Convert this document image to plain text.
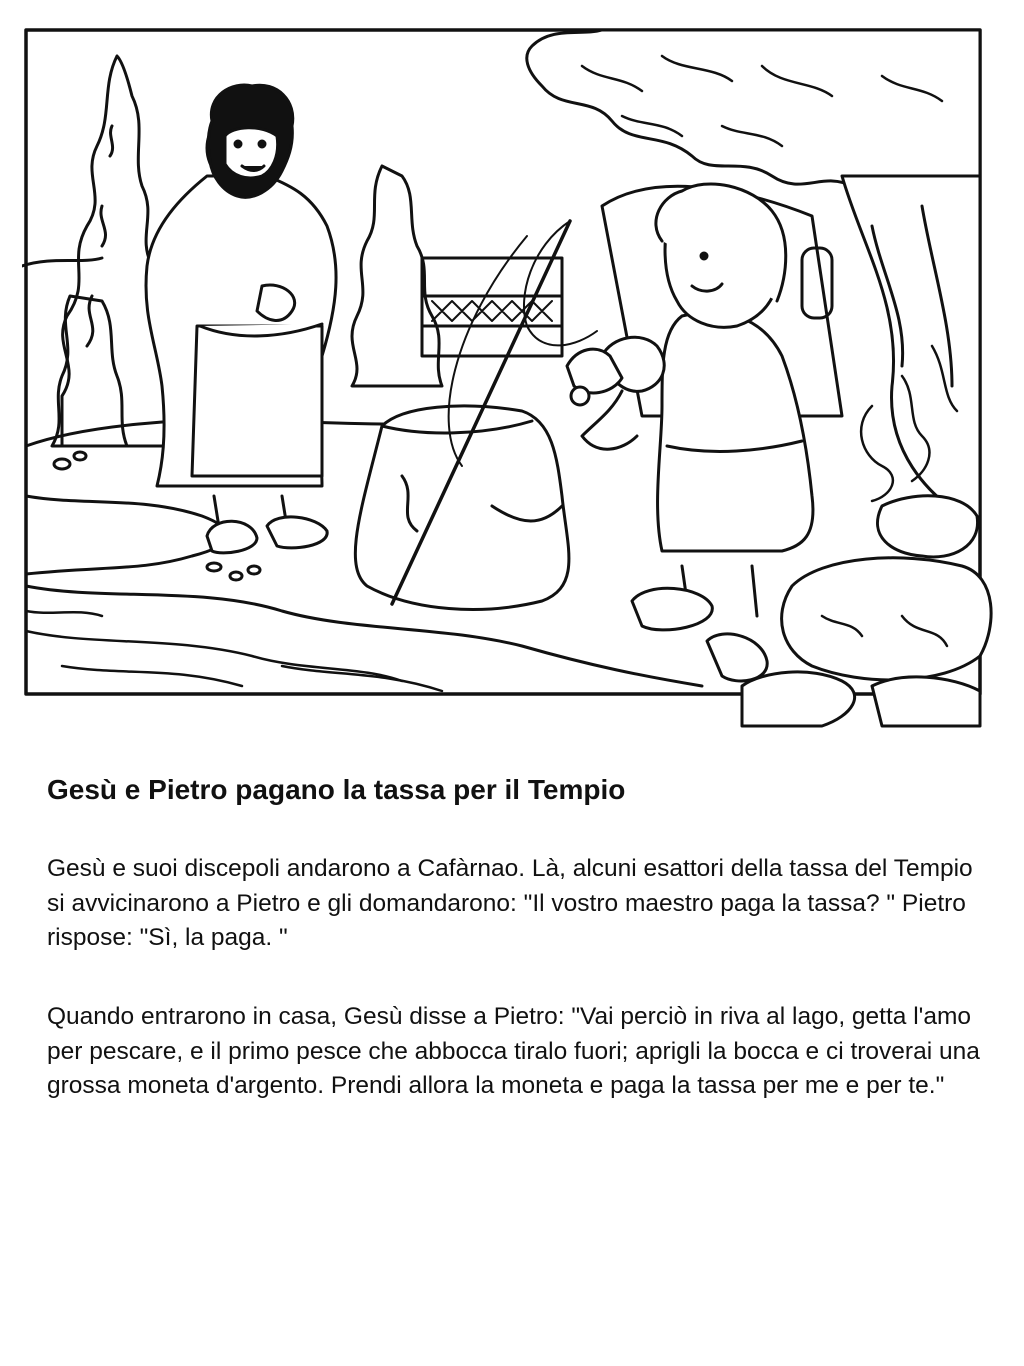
Gesù e Pietro pagano la tassa per il Tempio

Gesù e suoi discepoli andarono a Cafàrnao. Là, alcuni esattori della tassa del Tempio si avvicinarono a Pietro e gli domandarono: "Il vostro maestro paga la tassa? " Pietro rispose: "Sì, la paga. "

Quando entrarono in casa, Gesù disse a Pietro: "Vai perciò in riva al lago, getta l'amo per pescare, e il primo pesce che abbocca tiralo fuori; aprigli la bocca e ci troverai una grossa moneta d'argento. Prendi allora la moneta e paga la tassa per me e per te."
